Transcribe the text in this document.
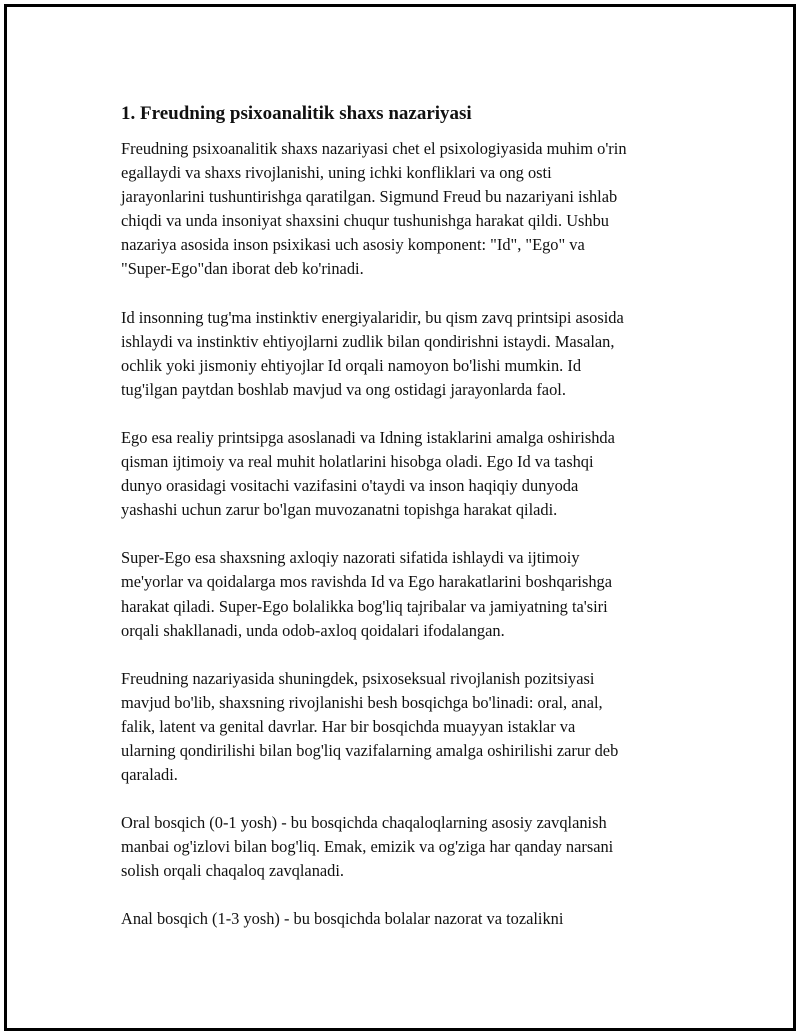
1. Freudning psixoanalitik shaxs nazariyasi

Freudning psixoanalitik shaxs nazariyasi chet el psixologiyasida muhim o'rin
egallaydi va shaxs rivojlanishi, uning ichki konfliklari va ong osti
jarayonlarini tushuntirishga qaratilgan. Sigmund Freud bu nazariyani ishlab
chiqdi va unda insoniyat shaxsini chuqur tushunishga harakat qildi. Ushbu
nazariya asosida inson psixikasi uch asosiy komponent: "Id", "Ego" va
"Super-Ego"dan iborat deb ko'rinadi.

Id insonning tug'ma instinktiv energiyalaridir, bu qism zavq printsipi asosida
ishlaydi va instinktiv ehtiyojlarni zudlik bilan qondirishni istaydi. Masalan,
ochlik yoki jismoniy ehtiyojlar Id orqali namoyon bo'lishi mumkin. Id
tug'ilgan paytdan boshlab mavjud va ong ostidagi jarayonlarda faol.

Ego esa realiy printsipga asoslanadi va Idning istaklarini amalga oshirishda
qisman ijtimoiy va real muhit holatlarini hisobga oladi. Ego Id va tashqi
dunyo orasidagi vositachi vazifasini o'taydi va inson haqiqiy dunyoda
yashashi uchun zarur bo'lgan muvozanatni topishga harakat qiladi.

Super-Ego esa shaxsning axloqiy nazorati sifatida ishlaydi va ijtimoiy
me'yorlar va qoidalarga mos ravishda Id va Ego harakatlarini boshqarishga
harakat qiladi. Super-Ego bolalikka bog'liq tajribalar va jamiyatning ta'siri
orqali shakllanadi, unda odob-axloq qoidalari ifodalangan.

Freudning nazariyasida shuningdek, psixoseksual rivojlanish pozitsiyasi
mavjud bo'lib, shaxsning rivojlanishi besh bosqichga bo'linadi: oral, anal,
falik, latent va genital davrlar. Har bir bosqichda muayyan istaklar va
ularning qondirilishi bilan bog'liq vazifalarning amalga oshirilishi zarur deb
qaraladi.

Oral bosqich (0-1 yosh) - bu bosqichda chaqaloqlarning asosiy zavqlanish
manbai og'izlovi bilan bog'liq. Emak, emizik va og'ziga har qanday narsani
solish orqali chaqaloq zavqlanadi.

Anal bosqich (1-3 yosh) - bu bosqichda bolalar nazorat va tozalikni
